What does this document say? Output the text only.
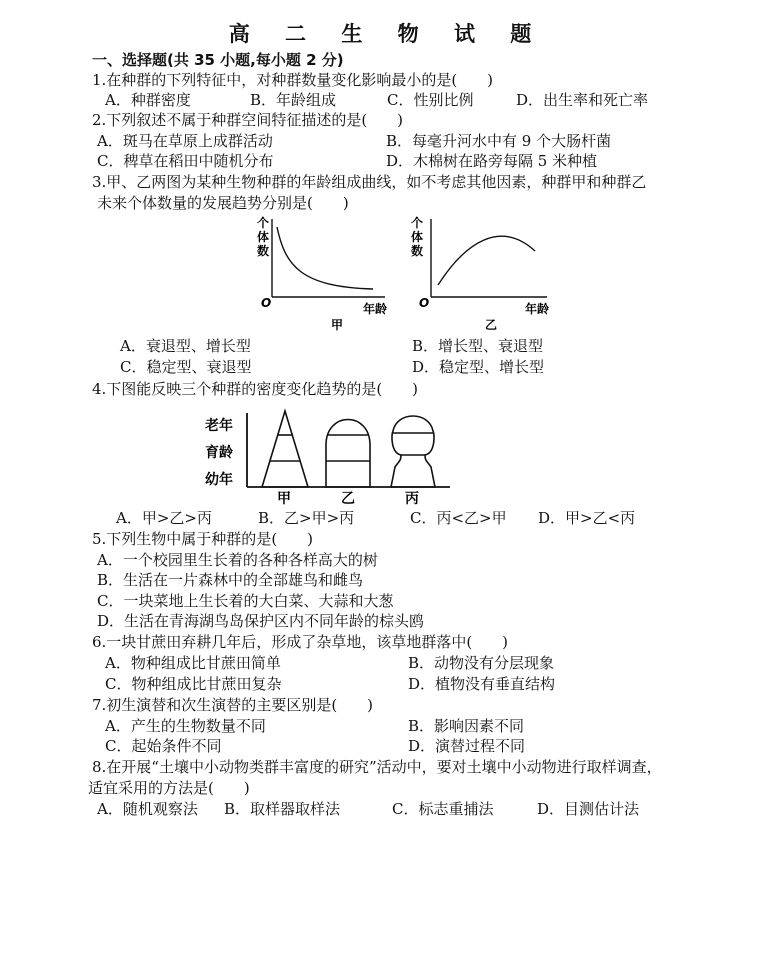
高 二 生 物 试 题
一、选择题(共 35 小题,每小题 2 分)
1.在种群的下列特征中，对种群数量变化影响最小的是(　　)
A．种群密度	B．年龄组成	C．性别比例	D．出生率和死亡率
2.下列叙述不属于种群空间特征描述的是(　　)
A．斑马在草原上成群活动	B．每毫升河水中有 9 个大肠杆菌
C．稗草在稻田中随机分布	D．木棉树在路旁每隔 5 米种植
3.甲、乙两图为某种生物种群的年龄组成曲线，如不考虑其他因素，种群甲和种群乙
未来个体数量的发展趋势分别是(　　)
个
体
数
O	年龄
甲
个
体
数
O	年龄
乙
A．衰退型、增长型	B．增长型、衰退型
C．稳定型、衰退型	D．稳定型、增长型
4.下图能反映三个种群的密度变化趋势的是(　　)
老年
育龄
幼年
甲	乙	丙
A．甲>乙>丙	B．乙>甲>丙	C．丙<乙>甲 D．甲>乙<丙
5.下列生物中属于种群的是(　　)
A．一个校园里生长着的各种各样高大的树
B．生活在一片森林中的全部雄鸟和雌鸟
C．一块菜地上生长着的大白菜、大蒜和大葱
D．生活在青海湖鸟岛保护区内不同年龄的棕头鸥
6.一块甘蔗田弃耕几年后，形成了杂草地，该草地群落中(　　)
A．物种组成比甘蔗田简单	B．动物没有分层现象
C．物种组成比甘蔗田复杂	D．植物没有垂直结构
7.初生演替和次生演替的主要区别是(　　)
A．产生的生物数量不同	B．影响因素不同
C．起始条件不同	D．演替过程不同
8.在开展“土壤中小动物类群丰富度的研究”活动中，要对土壤中小动物进行取样调查，
适宜采用的方法是(　　)
A．随机观察法 B．取样器取样法	C．标志重捕法	D．目测估计法
